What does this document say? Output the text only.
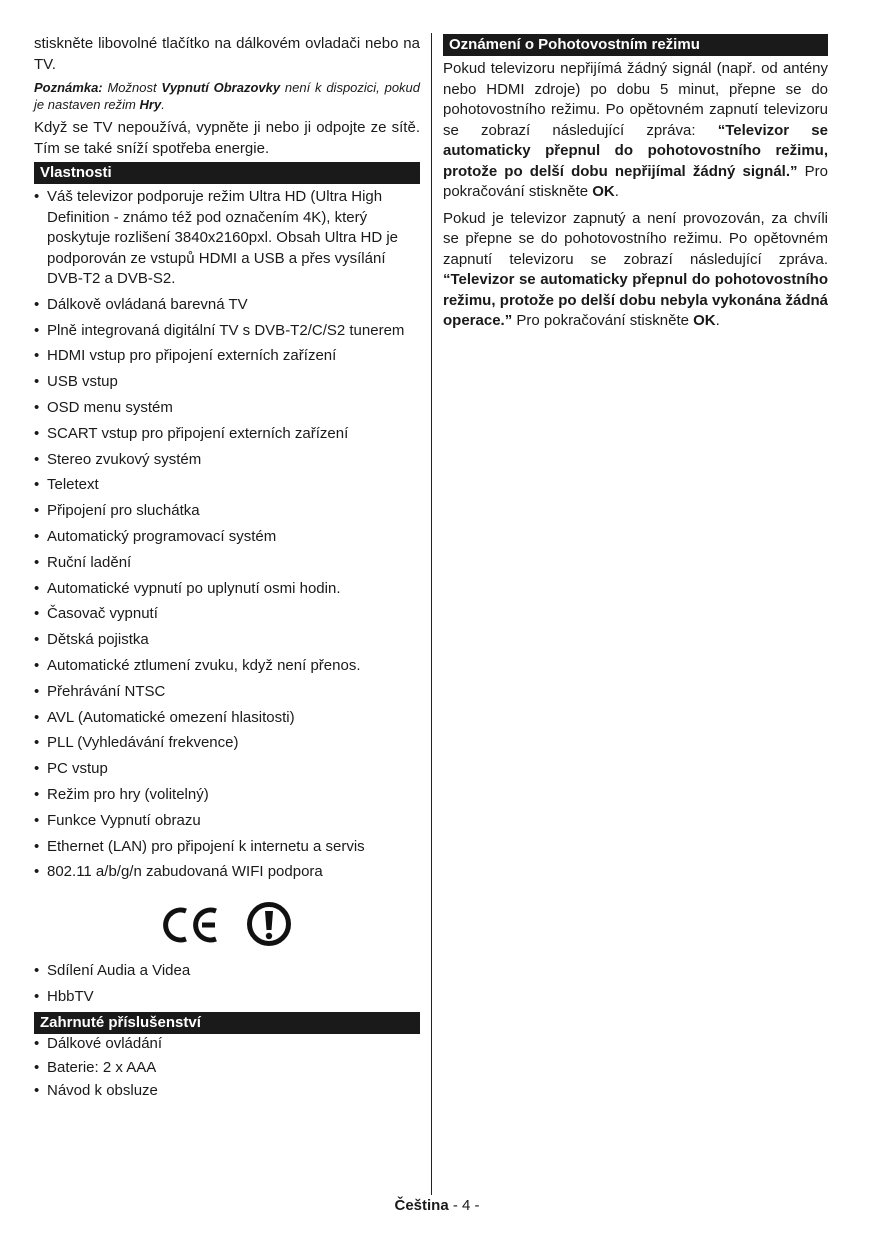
stiskněte libovolné tlačítko na dálkovém ovladači nebo na TV.

Poznámka: Možnost Vypnutí Obrazovky není k dispozici, pokud je nastaven režim Hry.

Když se TV nepoužívá, vypněte ji nebo ji odpojte ze sítě. Tím se také sníží spotřeba energie.

Vlastnosti
• Váš televizor podporuje režim Ultra HD (Ultra High Definition - známo též pod označením 4K), který poskytuje rozlišení 3840x2160pxl. Obsah Ultra HD je podporován ze vstupů HDMI a USB a přes vysílání DVB-T2 a DVB-S2.
• Dálkově ovládaná barevná TV
• Plně integrovaná digitální TV s DVB-T2/C/S2 tunerem
• HDMI vstup pro připojení externích zařízení
• USB vstup
• OSD menu systém
• SCART vstup pro připojení externích zařízení
• Stereo zvukový systém
• Teletext
• Připojení pro sluchátka
• Automatický programovací systém
• Ruční ladění
• Automatické vypnutí po uplynutí osmi hodin.
• Časovač vypnutí
• Dětská pojistka
• Automatické ztlumení zvuku, když není přenos.
• Přehrávání NTSC
• AVL (Automatické omezení hlasitosti)
• PLL (Vyhledávání frekvence)
• PC vstup
• Režim pro hry (volitelný)
• Funkce Vypnutí obrazu
• Ethernet (LAN) pro připojení k internetu a servis
• 802.11 a/b/g/n zabudovaná WIFI podpora
• Sdílení Audia a Videa
• HbbTV
Zahrnuté příslušenství
• Dálkové ovládání
• Baterie: 2 x AAA
• Návod k obsluze
Oznámení o Pohotovostním režimu

Pokud televizoru nepřijímá žádný signál (např. od antény nebo HDMI zdroje) po dobu 5 minut, přepne se do pohotovostního režimu. Po opětovném zapnutí televizoru se zobrazí následující zpráva: “Televizor se automaticky přepnul do pohotovostního režimu, protože po delší dobu nepřijímal žádný signál.” Pro pokračování stiskněte OK.

Pokud je televizor zapnutý a není provozován, za chvíli se přepne se do pohotovostního režimu. Po opětovném zapnutí televizoru se zobrazí následující zpráva. “Televizor se automaticky přepnul do pohotovostního režimu, protože po delší dobu nebyla vykonána žádná operace.” Pro pokračování stiskněte OK.

Čeština - 4 -
